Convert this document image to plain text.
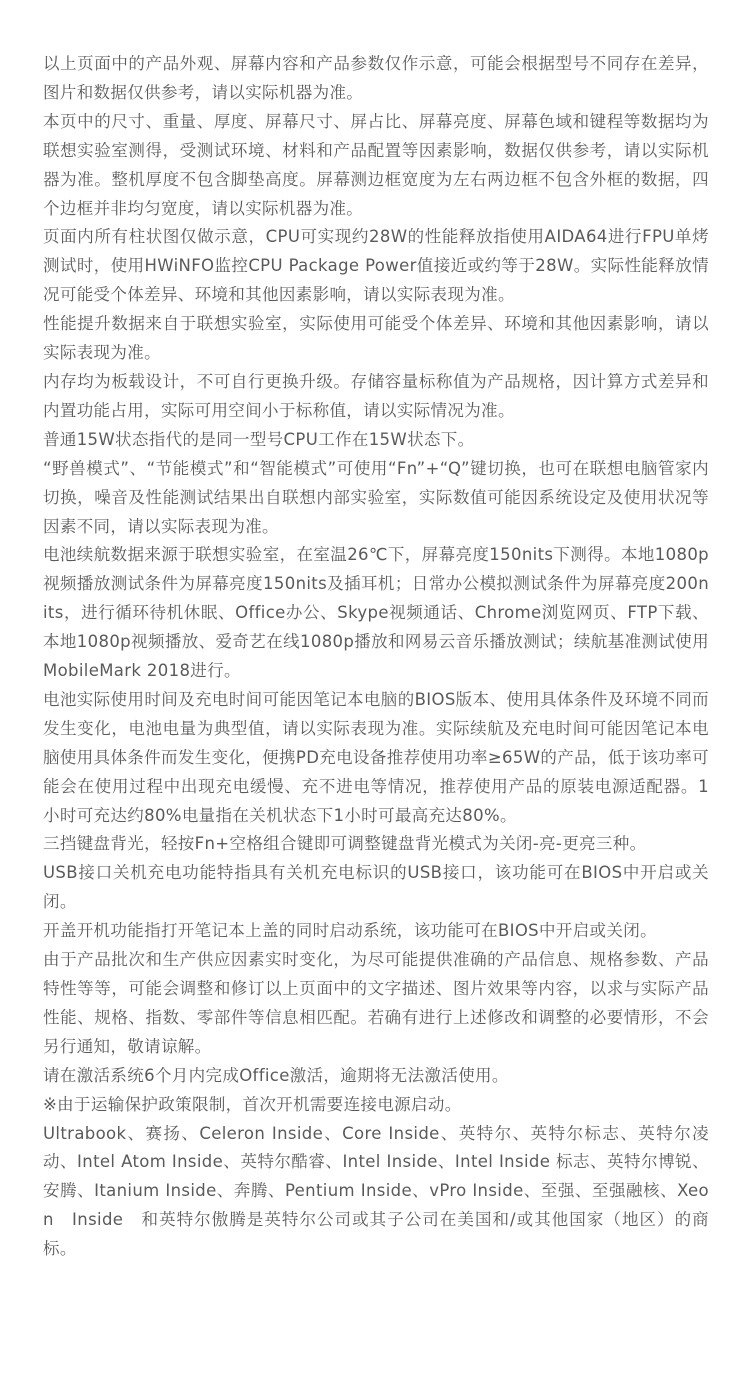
以上页面中的产品外观、屏幕内容和产品参数仅作示意，可能会根据型号不同存在差异，图片和数据仅供参考，请以实际机器为准。

本页中的尺寸、重量、厚度、屏幕尺寸、屏占比、屏幕亮度、屏幕色域和键程等数据均为联想实验室测得，受测试环境、材料和产品配置等因素影响，数据仅供参考，请以实际机器为准。整机厚度不包含脚垫高度。屏幕测边框宽度为左右两边框不包含外框的数据，四个边框并非均匀宽度，请以实际机器为准。

页面内所有柱状图仅做示意，CPU可实现约28W的性能释放指使用AIDA64进行FPU单烤测试时，使用HWiNFO监控CPU Package Power值接近或约等于28W。实际性能释放情况可能受个体差异、环境和其他因素影响，请以实际表现为准。

性能提升数据来自于联想实验室，实际使用可能受个体差异、环境和其他因素影响，请以实际表现为准。

内存均为板载设计，不可自行更换升级。存储容量标称值为产品规格，因计算方式差异和内置功能占用，实际可用空间小于标称值，请以实际情况为准。

普通15W状态指代的是同一型号CPU工作在15W状态下。

“野兽模式”、“节能模式”和“智能模式”可使用“Fn”+“Q”键切换，也可在联想电脑管家内切换，噪音及性能测试结果出自联想内部实验室，实际数值可能因系统设定及使用状况等因素不同，请以实际表现为准。

电池续航数据来源于联想实验室，在室温26℃下，屏幕亮度150nits下测得。本地1080p视频播放测试条件为屏幕亮度150nits及插耳机；日常办公模拟测试条件为屏幕亮度200nits，进行循环待机休眠、Office办公、Skype视频通话、Chrome浏览网页、FTP下载、本地1080p视频播放、爱奇艺在线1080p播放和网易云音乐播放测试；续航基准测试使用MobileMark 2018进行。

电池实际使用时间及充电时间可能因笔记本电脑的BIOS版本、使用具体条件及环境不同而发生变化，电池电量为典型值，请以实际表现为准。实际续航及充电时间可能因笔记本电脑使用具体条件而发生变化，便携PD充电设备推荐使用功率≥65W的产品，低于该功率可能会在使用过程中出现充电缓慢、充不进电等情况，推荐使用产品的原装电源适配器。1小时可充达约80%电量指在关机状态下1小时可最高充达80%。

三挡键盘背光，轻按Fn+空格组合键即可调整键盘背光模式为关闭-亮-更亮三种。

USB接口关机充电功能特指具有关机充电标识的USB接口，该功能可在BIOS中开启或关闭。

开盖开机功能指打开笔记本上盖的同时启动系统，该功能可在BIOS中开启或关闭。

由于产品批次和生产供应因素实时变化，为尽可能提供准确的产品信息、规格参数、产品特性等等，可能会调整和修订以上页面中的文字描述、图片效果等内容，以求与实际产品性能、规格、指数、零部件等信息相匹配。若确有进行上述修改和调整的必要情形，不会另行通知，敬请谅解。

请在激活系统6个月内完成Office激活，逾期将无法激活使用。

※由于运输保护政策限制，首次开机需要连接电源启动。

Ultrabook、赛扬、Celeron Inside、Core Inside、英特尔、英特尔标志、英特尔凌动、Intel Atom Inside、英特尔酷睿、Intel Inside、Intel Inside 标志、英特尔博锐、安腾、Itanium Inside、奔腾、Pentium Inside、vPro Inside、至强、至强融核、Xeon　Inside　和英特尔傲腾是英特尔公司或其子公司在美国和/或其他国家（地区）的商标。
